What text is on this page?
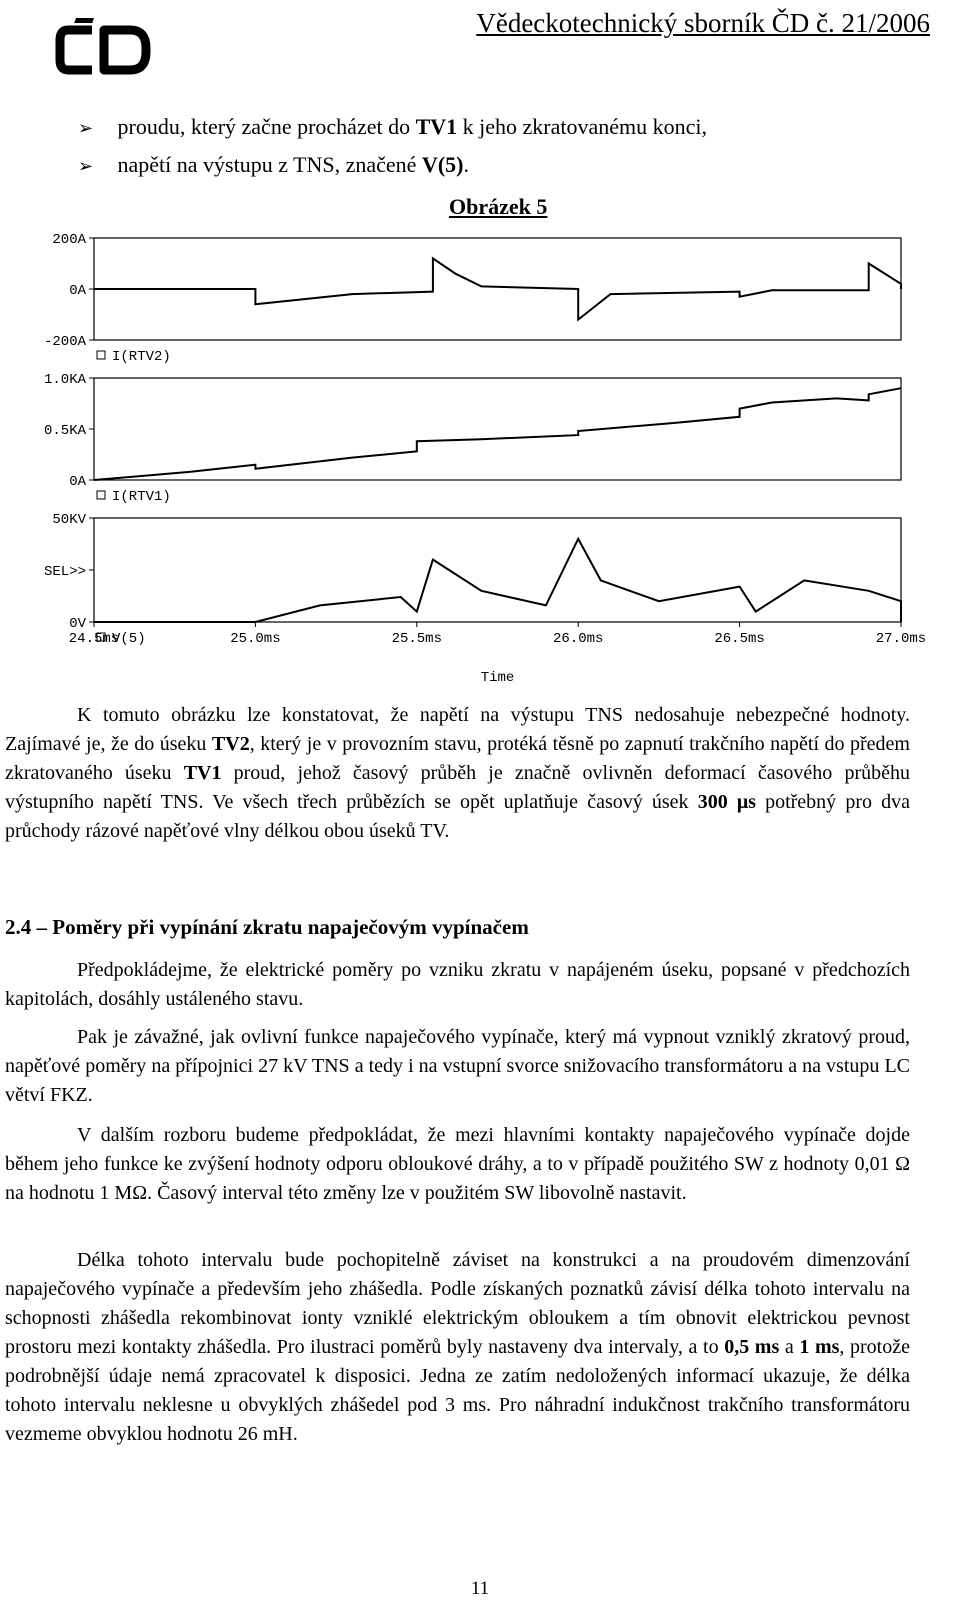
Vědeckotechnický sborník ČD č. 21/2006
➢ proudu, který začne procházet do TV1 k jeho zkratovanému konci,
➢ napětí na výstupu z TNS, značené V(5).
Obrázek 5
200A
0A
-200A
I(RTV2)
1.0KA
0.5KA
0A
I(RTV1)
50KV
SEL>>
0V
V(5)
24.5ms	25.0ms	25.5ms	26.0ms	26.5ms	27.0ms
Time

K tomuto obrázku lze konstatovat, že napětí na výstupu TNS nedosahuje nebezpečné hodnoty. Zajímavé je, že do úseku TV2, který je v provozním stavu, protéká těsně po zapnutí trakčního napětí do předem zkratovaného úseku TV1 proud, jehož časový průběh je značně ovlivněn deformací časového průběhu výstupního napětí TNS. Ve všech třech průbězích se opět uplatňuje časový úsek 300 μs potřebný pro dva průchody rázové napěťové vlny délkou obou úseků TV.

2.4 – Poměry při vypínání zkratu napaječovým vypínačem

Předpokládejme, že elektrické poměry po vzniku zkratu v napájeném úseku, popsané v předchozích kapitolách, dosáhly ustáleného stavu.

Pak je závažné, jak ovlivní funkce napaječového vypínače, který má vypnout vzniklý zkratový proud, napěťové poměry na přípojnici 27 kV TNS a tedy i na vstupní svorce snižovacího transformátoru a na vstupu LC větví FKZ.

V dalším rozboru budeme předpokládat, že mezi hlavními kontakty napaječového vypínače dojde během jeho funkce ke zvýšení hodnoty odporu obloukové dráhy, a to v případě použitého SW z hodnoty 0,01 Ω na hodnotu 1 MΩ. Časový interval této změny lze v použitém SW libovolně nastavit.

Délka tohoto intervalu bude pochopitelně záviset na konstrukci a na proudovém dimenzování napaječového vypínače a především jeho zhášedla. Podle získaných poznatků závisí délka tohoto intervalu na schopnosti zhášedla rekombinovat ionty vzniklé elektrickým obloukem a tím obnovit elektrickou pevnost prostoru mezi kontakty zhášedla. Pro ilustraci poměrů byly nastaveny dva intervaly, a to 0,5 ms a 1 ms, protože podrobnější údaje nemá zpracovatel k disposici. Jedna ze zatím nedoložených informací ukazuje, že délka tohoto intervalu neklesne u obvyklých zhášedel pod 3 ms. Pro náhradní indukčnost trakčního transformátoru vezmeme obvyklou hodnotu 26 mH.

11
